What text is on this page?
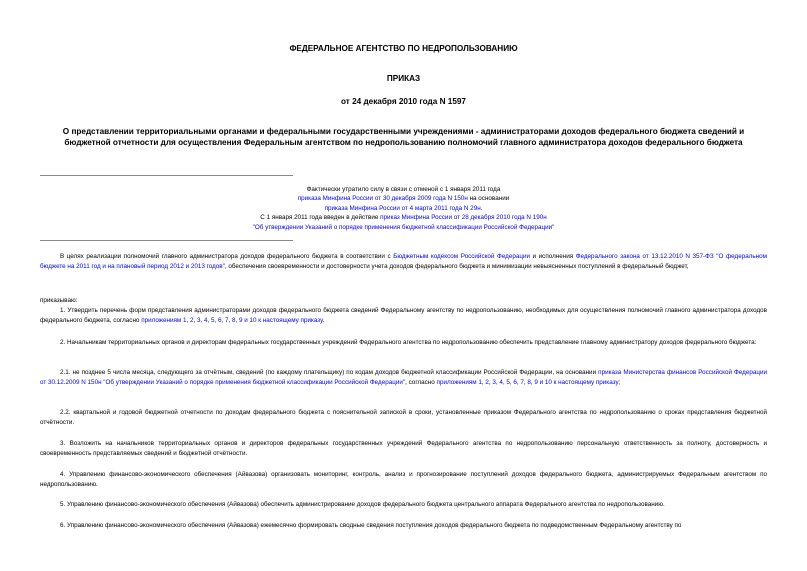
ФЕДЕРАЛЬНОЕ АГЕНТСТВО ПО НЕДРОПОЛЬЗОВАНИЮ
ПРИКАЗ
от 24 декабря 2010 года N 1597
О представлении территориальными органами и федеральными государственными учреждениями - администраторами доходов федерального бюджета сведений и бюджетной отчетности для осуществления Федеральным агентством по недропользованию полномочий главного администратора доходов федерального бюджета
Фактически утратило силу в связи с отменой с 1 января 2011 года
приказа Минфина России от 30 декабря 2009 года N 150н на основании
приказа Минфина России от 4 марта 2011 года N 29н.
С 1 января 2011 года введен в действие приказ Минфина России от 28 декабря 2010 года N 190н
"Об утверждении Указаний о порядке применения бюджетной классификации Российской Федерации"
В целях реализации полномочий главного администратора доходов федерального бюджета в соответствии с Бюджетным кодексом Российской Федерации и исполнения Федерального закона от 13.12.2010 N 357-ФЗ "О федеральном бюджете на 2011 год и на плановый период 2012 и 2013 годов", обеспечения своевременности и достоверности учета доходов федерального бюджета и минимизации невыясненных поступлений в федеральный бюджет,
приказываю:
1. Утвердить перечень форм представления администраторами доходов федерального бюджета сведений Федеральному агентству по недропользованию, необходимых для осуществления полномочий главного администратора доходов федерального бюджета, согласно приложениям 1, 2, 3, 4, 5, 6, 7, 8, 9 и 10 к настоящему приказу.
2. Начальникам территориальных органов и директорам федеральных государственных учреждений Федерального агентства по недропользованию обеспечить представление главному администратору доходов федерального бюджета:
2.1. не позднее 5 числа месяца, следующего за отчётным, сведений (по каждому плательщику) по кодам доходов бюджетной классификации Российской Федерации, на основании приказа Министерства финансов Российской Федерации от 30.12.2009 N 150н "Об утверждении Указаний о порядке применения бюджетной классификации Российской Федерации", согласно приложениям 1, 2, 3, 4, 5, 6, 7, 8, 9 и 10 к настоящему приказу;
2.2. квартальной и годовой бюджетной отчетности по доходам федерального бюджета с пояснительной запиской в сроки, установленные приказом Федерального агентства по недропользованию о сроках представления бюджетной отчётности.
3. Возложить на начальников территориальных органов и директоров федеральных государственных учреждений Федерального агентства по недропользованию персональную ответственность за полноту, достоверность и своевременность представляемых сведений и бюджетной отчётности.
4. Управлению финансово-экономического обеспечения (Айвазова) организовать мониторинг, контроль, анализ и прогнозирование поступлений доходов федерального бюджета, администрируемых Федеральным агентством по недропользованию.
5. Управлению финансово-экономического обеспечения (Айвазова) обеспечить администрирование доходов федерального бюджета центрального аппарата Федерального агентства по недропользованию.
6. Управлению финансово-экономического обеспечения (Айвазова) ежемесячно формировать сводные сведения поступления доходов федерального бюджета по подведомственным Федеральному агентству по
